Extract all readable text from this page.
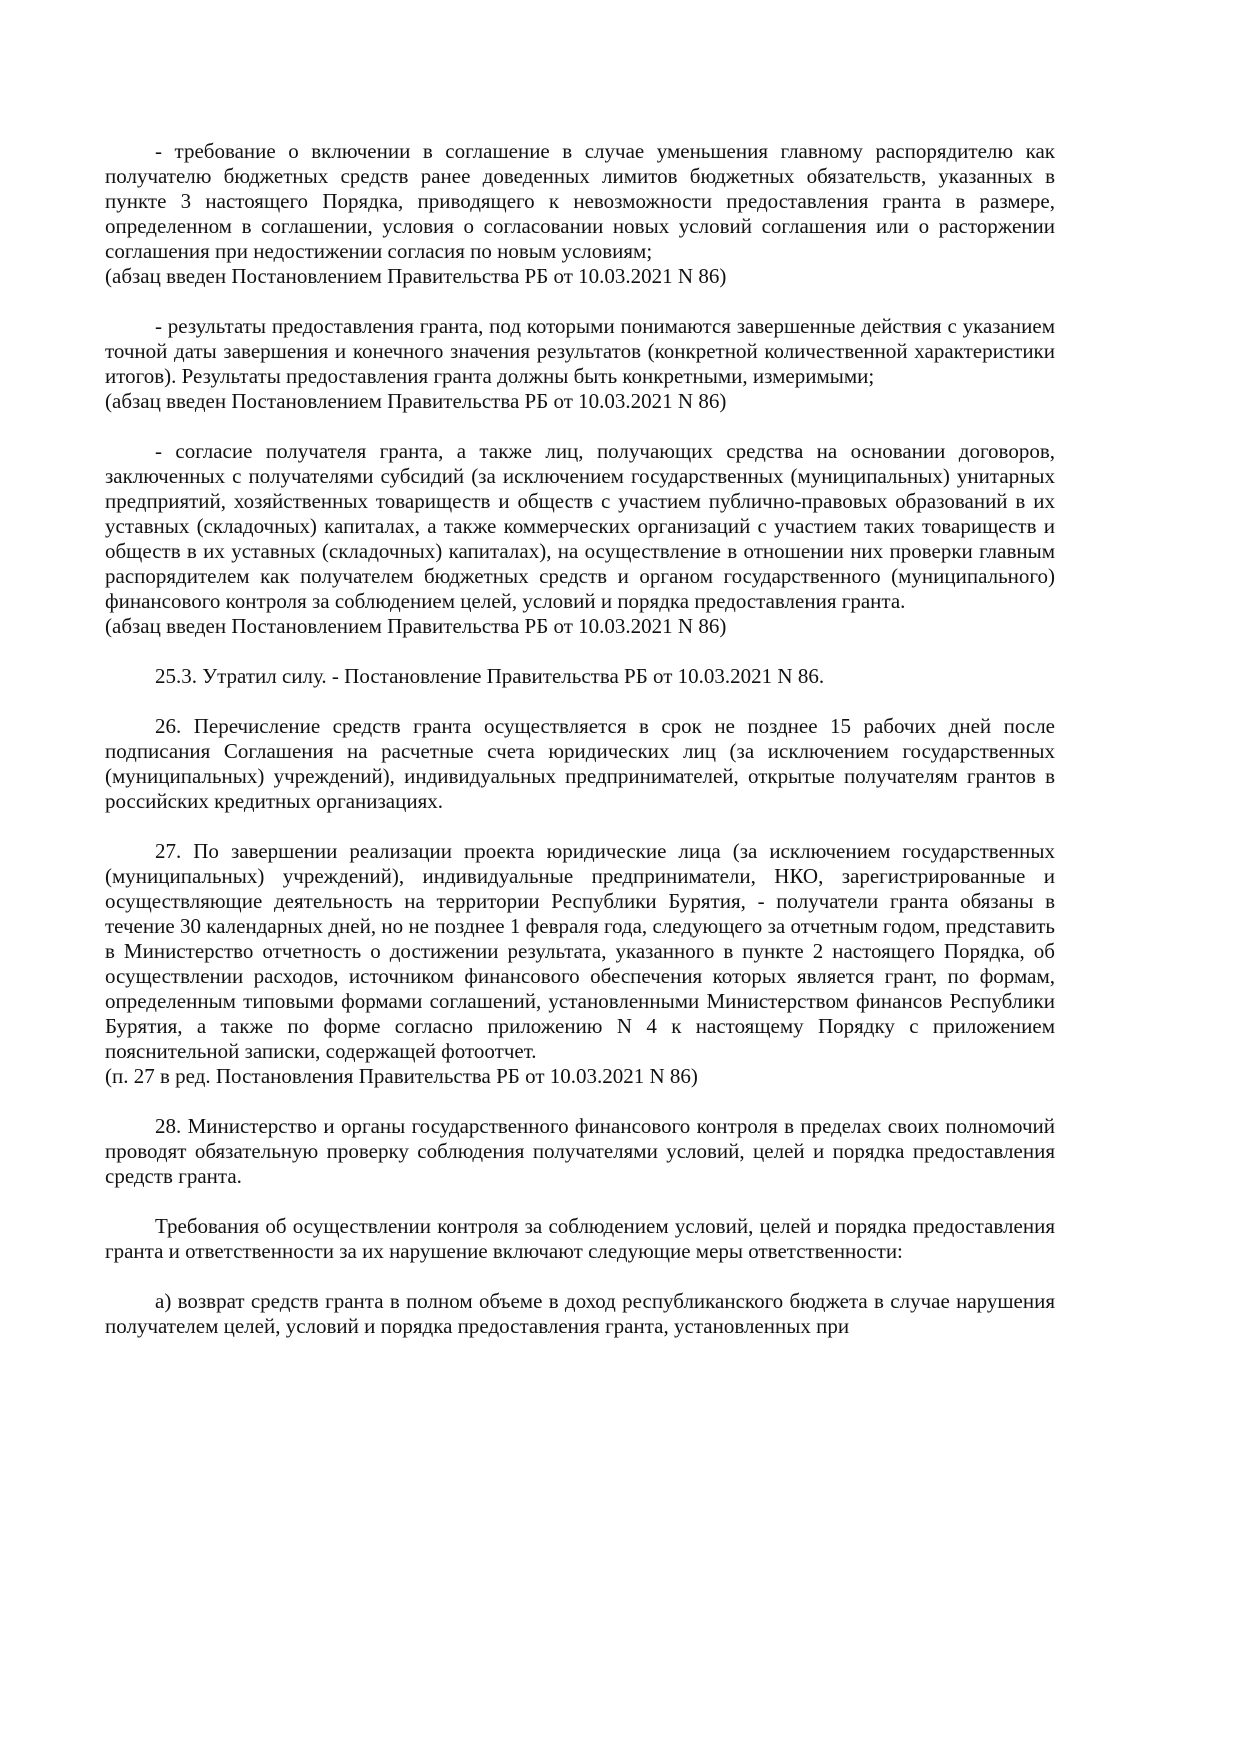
- требование о включении в соглашение в случае уменьшения главному распорядителю как получателю бюджетных средств ранее доведенных лимитов бюджетных обязательств, указанных в пункте 3 настоящего Порядка, приводящего к невозможности предоставления гранта в размере, определенном в соглашении, условия о согласовании новых условий соглашения или о расторжении соглашения при недостижении согласия по новым условиям;

(абзац введен Постановлением Правительства РБ от 10.03.2021 N 86)

- результаты предоставления гранта, под которыми понимаются завершенные действия с указанием точной даты завершения и конечного значения результатов (конкретной количественной характеристики итогов). Результаты предоставления гранта должны быть конкретными, измеримыми;

(абзац введен Постановлением Правительства РБ от 10.03.2021 N 86)

- согласие получателя гранта, а также лиц, получающих средства на основании договоров, заключенных с получателями субсидий (за исключением государственных (муниципальных) унитарных предприятий, хозяйственных товариществ и обществ с участием публично-правовых образований в их уставных (складочных) капиталах, а также коммерческих организаций с участием таких товариществ и обществ в их уставных (складочных) капиталах), на осуществление в отношении них проверки главным распорядителем как получателем бюджетных средств и органом государственного (муниципального) финансового контроля за соблюдением целей, условий и порядка предоставления гранта.

(абзац введен Постановлением Правительства РБ от 10.03.2021 N 86)

25.3. Утратил силу. - Постановление Правительства РБ от 10.03.2021 N 86.

26. Перечисление средств гранта осуществляется в срок не позднее 15 рабочих дней после подписания Соглашения на расчетные счета юридических лиц (за исключением государственных (муниципальных) учреждений), индивидуальных предпринимателей, открытые получателям грантов в российских кредитных организациях.

27. По завершении реализации проекта юридические лица (за исключением государственных (муниципальных) учреждений), индивидуальные предприниматели, НКО, зарегистрированные и осуществляющие деятельность на территории Республики Бурятия, - получатели гранта обязаны в течение 30 календарных дней, но не позднее 1 февраля года, следующего за отчетным годом, представить в Министерство отчетность о достижении результата, указанного в пункте 2 настоящего Порядка, об осуществлении расходов, источником финансового обеспечения которых является грант, по формам, определенным типовыми формами соглашений, установленными Министерством финансов Республики Бурятия, а также по форме согласно приложению N 4 к настоящему Порядку с приложением пояснительной записки, содержащей фотоотчет.

(п. 27 в ред. Постановления Правительства РБ от 10.03.2021 N 86)

28. Министерство и органы государственного финансового контроля в пределах своих полномочий проводят обязательную проверку соблюдения получателями условий, целей и порядка предоставления средств гранта.

Требования об осуществлении контроля за соблюдением условий, целей и порядка предоставления гранта и ответственности за их нарушение включают следующие меры ответственности:

а) возврат средств гранта в полном объеме в доход республиканского бюджета в случае нарушения получателем целей, условий и порядка предоставления гранта, установленных при
